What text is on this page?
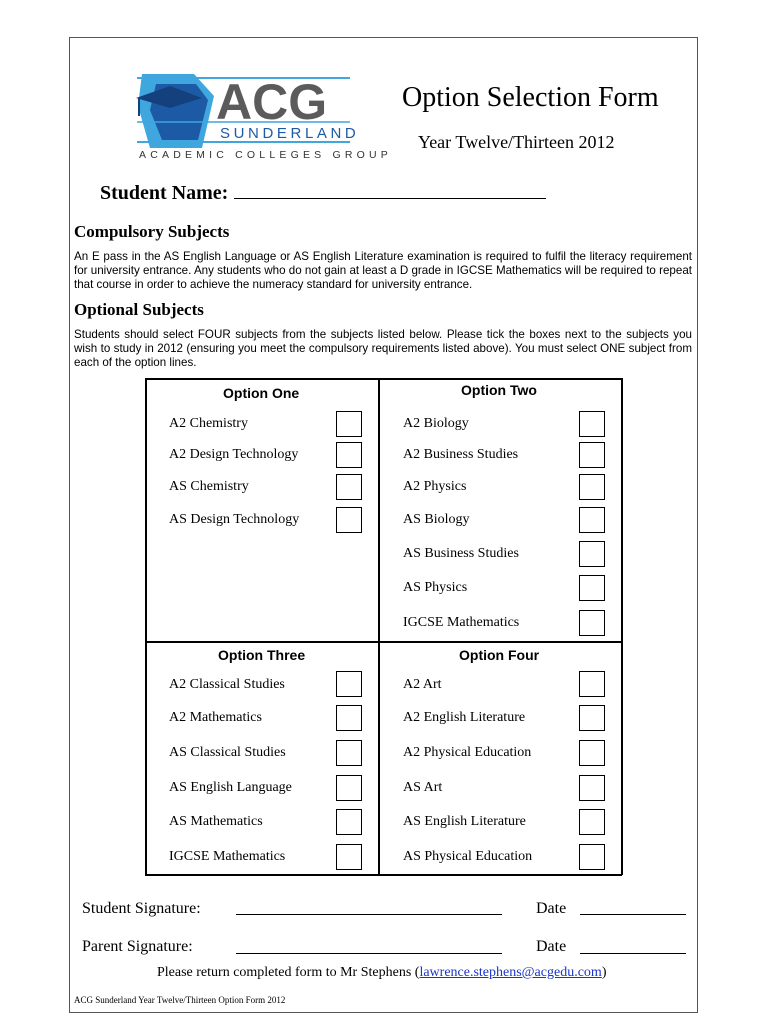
ACG
SUNDERLAND
ACADEMIC COLLEGES GROUP
Option Selection Form
Year Twelve/Thirteen 2012
Student Name:
Compulsory Subjects
An E pass in the AS English Language or AS English Literature examination is required to fulfil the literacy requirement for university entrance. Any students who do not gain at least a D grade in IGCSE Mathematics will be required to repeat that course in order to achieve the numeracy standard for university entrance.
Optional Subjects
Students should select FOUR subjects from the subjects listed below. Please tick the boxes next to the subjects you wish to study in 2012 (ensuring you meet the compulsory requirements listed above). You must select ONE subject from each of the option lines.
Option One	Option Two
Option Three	Option Four
A2 Chemistry
A2 Design Technology
AS Chemistry
AS Design Technology
A2 Biology
A2 Business Studies
A2 Physics
AS Biology
AS Business Studies
AS Physics
IGCSE Mathematics
A2 Classical Studies
A2 Mathematics
AS Classical Studies
AS English Language
AS Mathematics
IGCSE Mathematics
A2 Art
A2 English Literature
A2 Physical Education
AS Art
AS English Literature
AS Physical Education
Student Signature:	Date
Parent Signature:	Date
Please return completed form to Mr Stephens (lawrence.stephens@acgedu.com)
ACG Sunderland Year Twelve/Thirteen Option Form 2012
